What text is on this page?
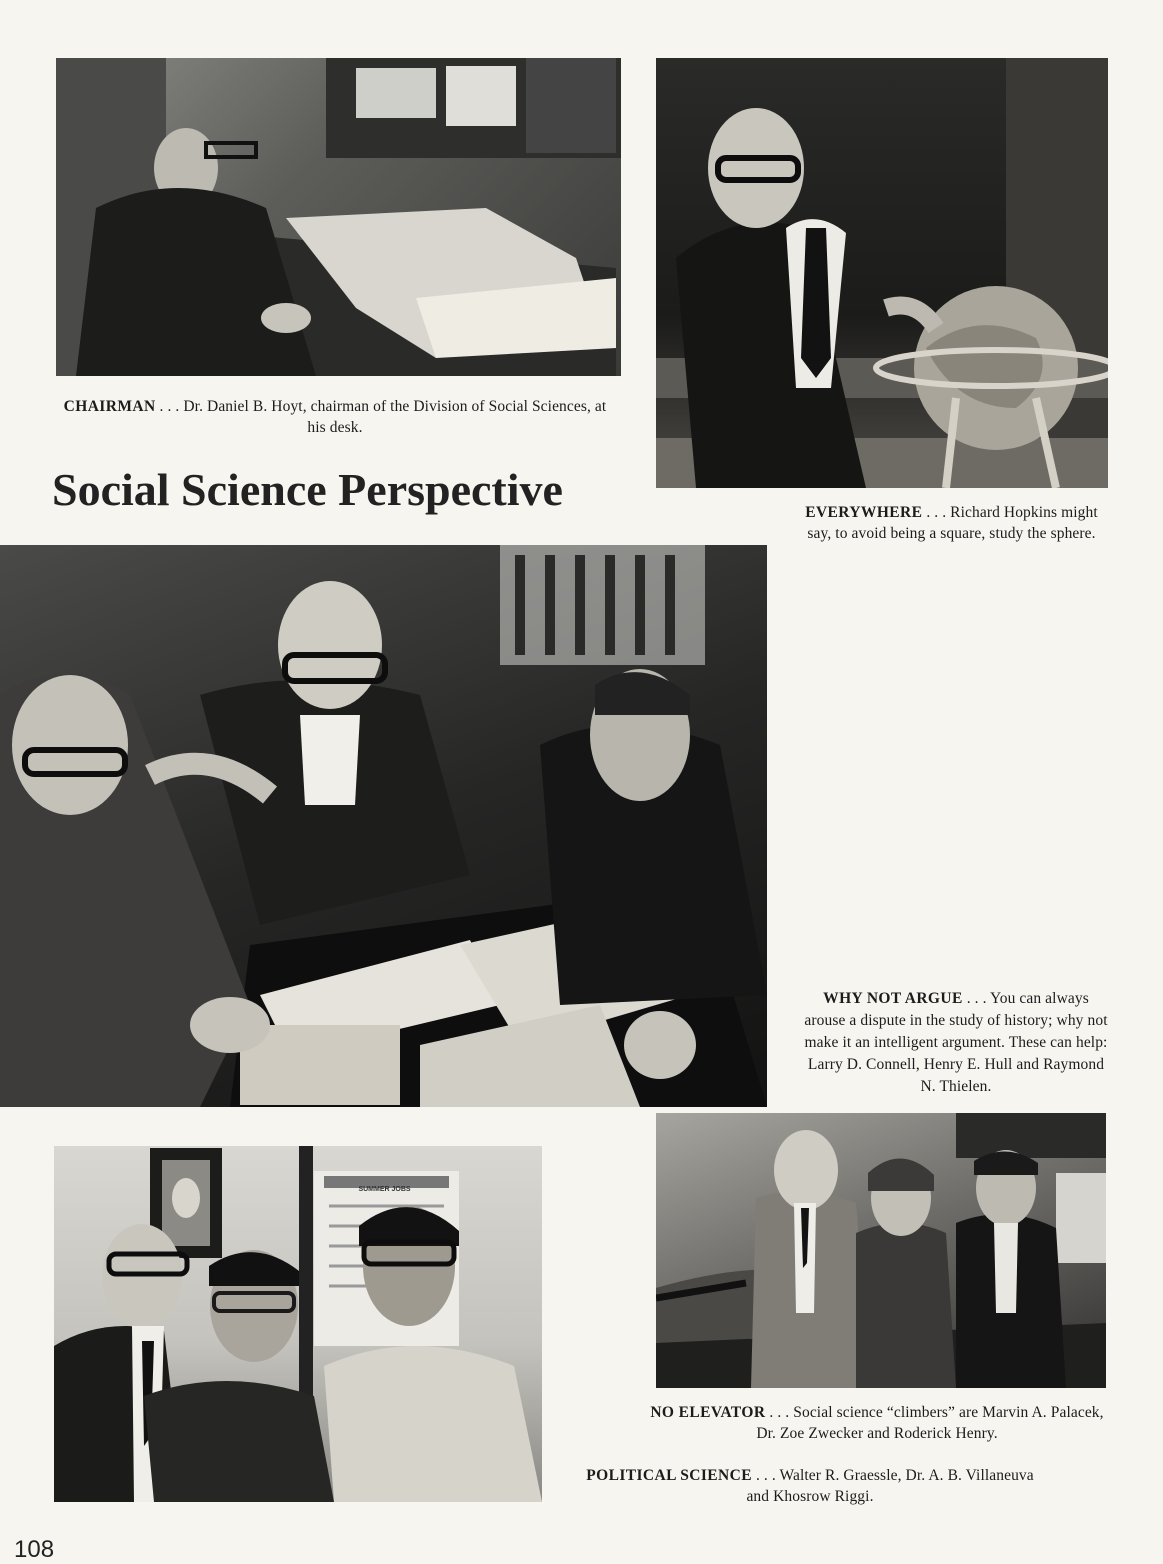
SUMMER JOBS
CHAIRMAN . . . Dr. Daniel B. Hoyt, chairman of the Division of Social Sciences, at his desk.
Social Science Perspective	EVERYWHERE . . . Richard Hopkins might say, to avoid being a square, study the sphere.
WHY NOT ARGUE . . . You can always arouse a dispute in the study of history; why not make it an intelligent argument. These can help: Larry D. Connell, Henry E. Hull and Raymond N. Thielen.
NO ELEVATOR . . . Social science “climbers” are Marvin A. Palacek, Dr. Zoe Zwecker and Roderick Henry.
POLITICAL SCIENCE . . . Walter R. Graessle, Dr. A. B. Villaneuva and Khosrow Riggi.
108
